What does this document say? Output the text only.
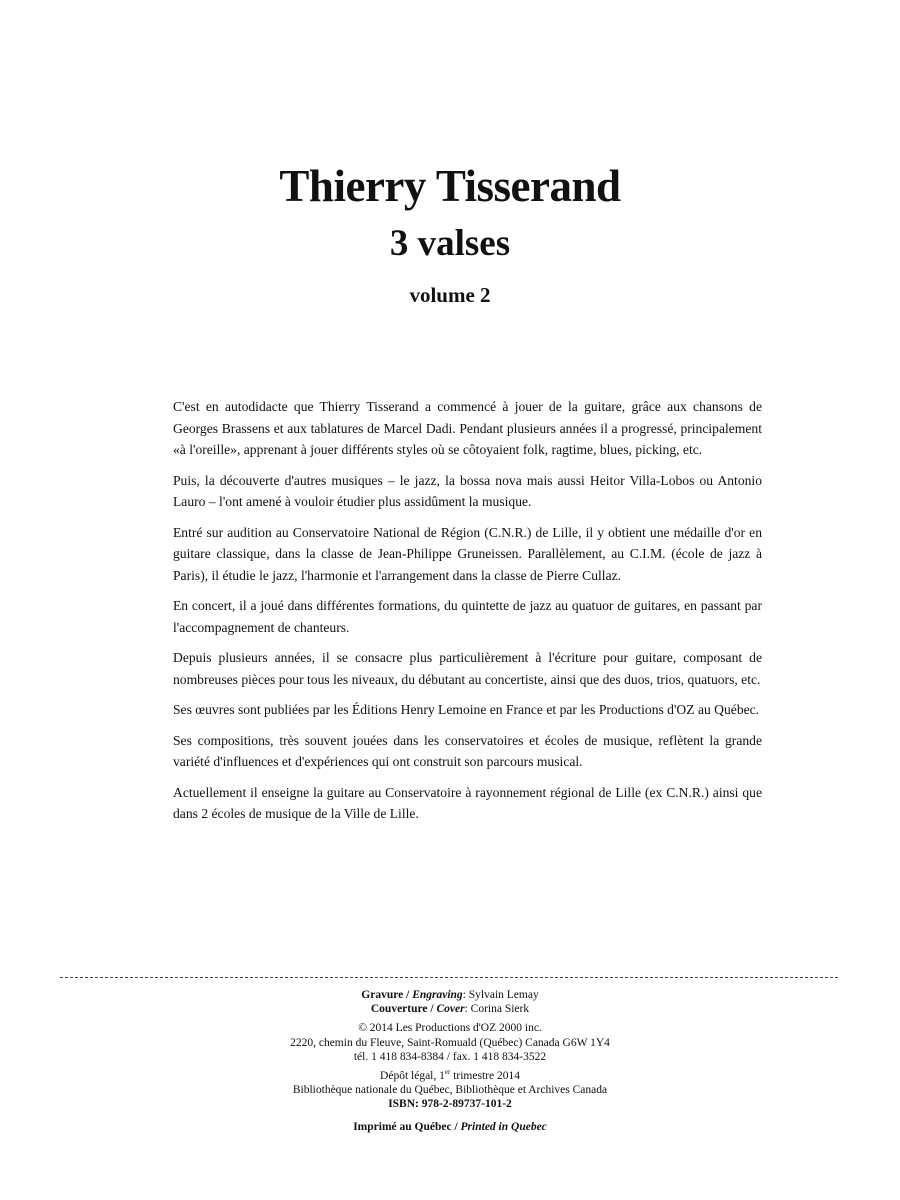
Thierry Tisserand
3 valses
volume 2

C'est en autodidacte que Thierry Tisserand a commencé à jouer de la guitare, grâce aux chansons de Georges Brassens et aux tablatures de Marcel Dadi. Pendant plusieurs années il a progressé, principalement «à l'oreille», apprenant à jouer différents styles où se côtoyaient folk, ragtime, blues, picking, etc.

Puis, la découverte d'autres musiques – le jazz, la bossa nova mais aussi Heitor Villa-Lobos ou Antonio Lauro – l'ont amené à vouloir étudier plus assidûment la musique.

Entré sur audition au Conservatoire National de Région (C.N.R.) de Lille, il y obtient une médaille d'or en guitare classique, dans la classe de Jean-Philippe Gruneissen. Parallèlement, au C.I.M. (école de jazz à Paris), il étudie le jazz, l'harmonie et l'arrangement dans la classe de Pierre Cullaz.

En concert, il a joué dans différentes formations, du quintette de jazz au quatuor de guitares, en passant par l'accompagnement de chanteurs.

Depuis plusieurs années, il se consacre plus particulièrement à l'écriture pour guitare, composant de nombreuses pièces pour tous les niveaux, du débutant au concertiste, ainsi que des duos, trios, quatuors, etc.

Ses œuvres sont publiées par les Éditions Henry Lemoine en France et par les Productions d'OZ au Québec.

Ses compositions, très souvent jouées dans les conservatoires et écoles de musique, reflètent la grande variété d'influences et d'expériences qui ont construit son parcours musical.

Actuellement il enseigne la guitare au Conservatoire à rayonnement régional de Lille (ex C.N.R.) ainsi que dans 2 écoles de musique de la Ville de Lille.

Gravure / Engraving: Sylvain Lemay
Couverture / Cover: Corina Sierk
© 2014 Les Productions d'OZ 2000 inc.
2220, chemin du Fleuve, Saint-Romuald (Québec) Canada G6W 1Y4
tél. 1 418 834-8384 / fax. 1 418 834-3522
Dépôt légal, 1er trimestre 2014
Bibliothèque nationale du Québec, Bibliothèque et Archives Canada
ISBN: 978-2-89737-101-2
Imprimé au Québec / Printed in Quebec
